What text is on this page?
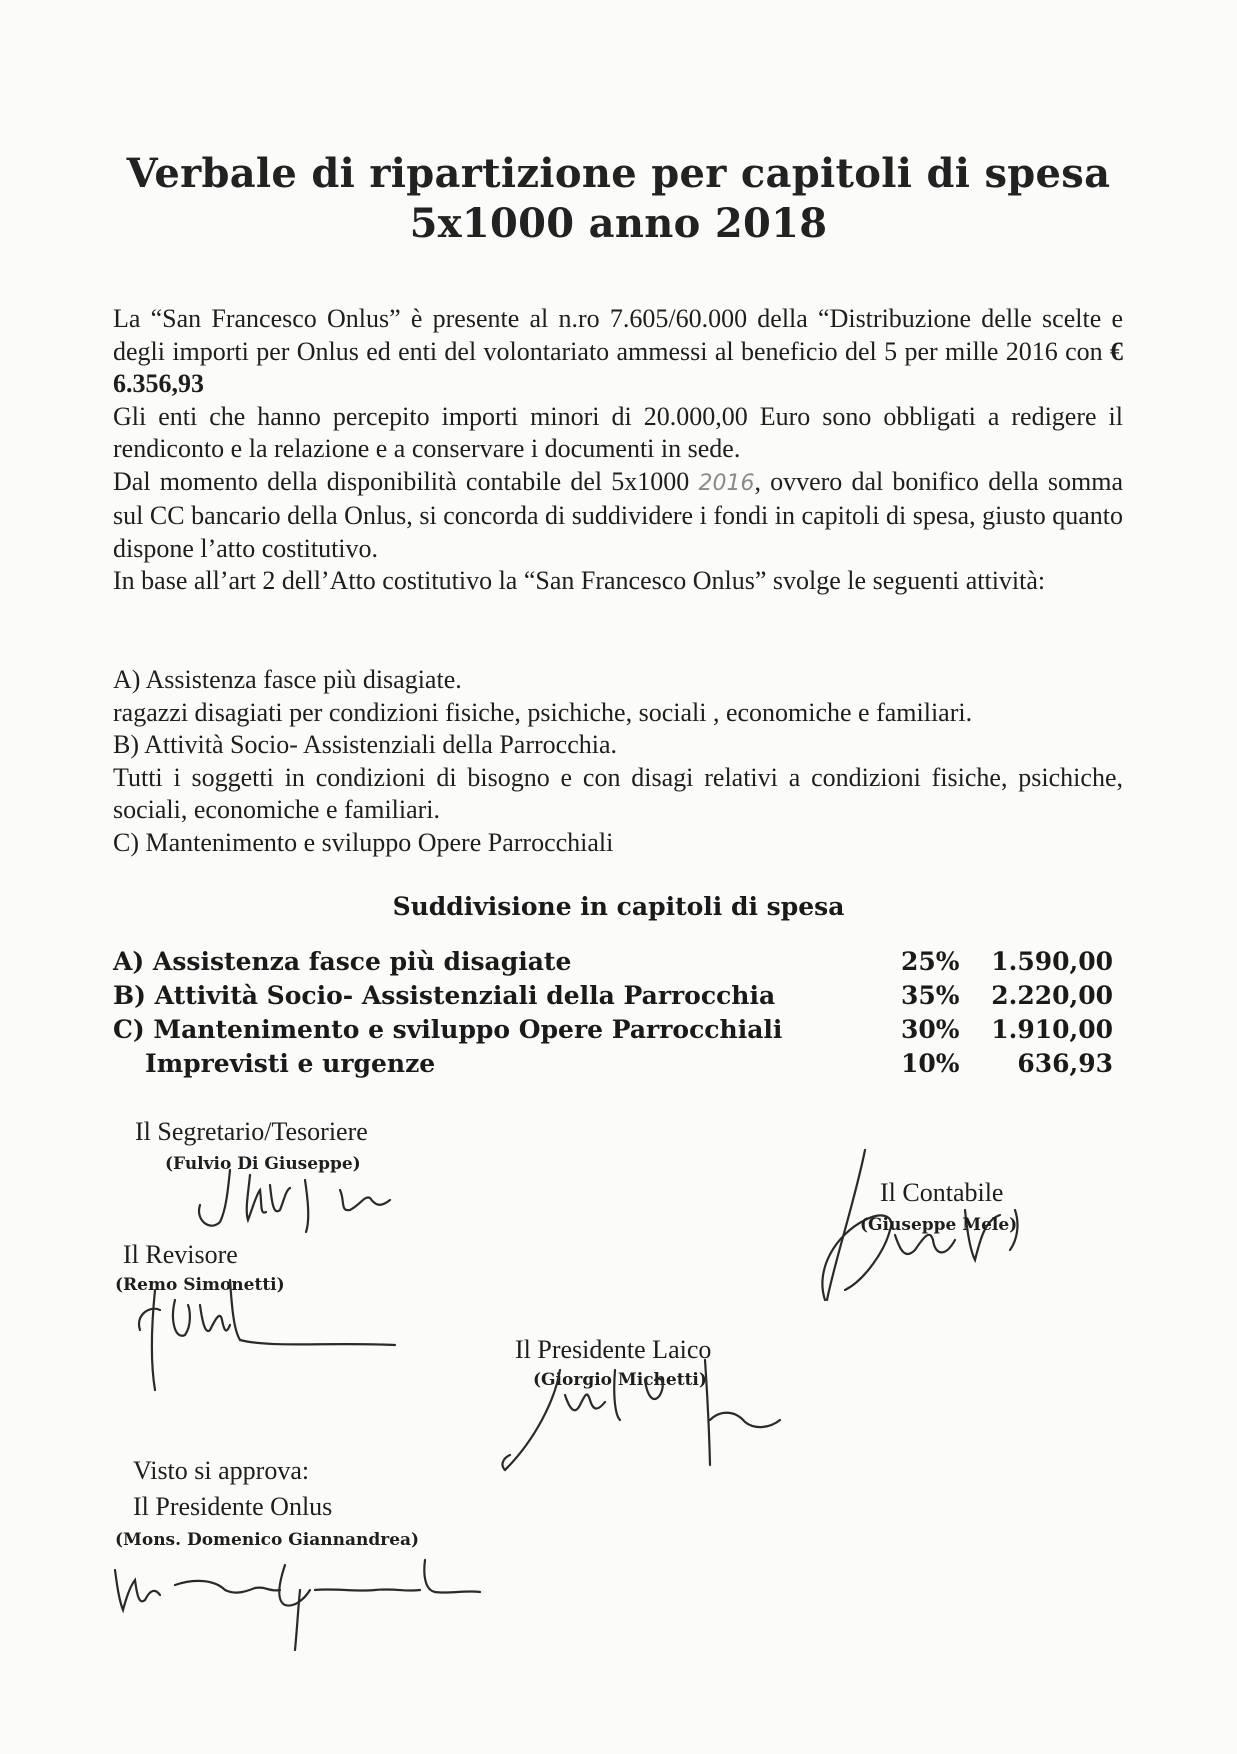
Verbale di ripartizione per capitoli di spesa
5x1000 anno 2018

La “San Francesco Onlus” è presente al n.ro 7.605/60.000 della “Distribuzione delle scelte e degli importi per Onlus ed enti del volontariato ammessi al beneficio del 5 per mille 2016 con € 6.356,93

Gli enti che hanno percepito importi minori di 20.000,00 Euro sono obbligati a redigere il rendiconto e la relazione e a conservare i documenti in sede.

Dal momento della disponibilità contabile del 5x1000 2016, ovvero dal bonifico della somma sul CC bancario della Onlus, si concorda di suddividere i fondi in capitoli di spesa, giusto quanto dispone l’atto costitutivo.

In base all’art 2 dell’Atto costitutivo la “San Francesco Onlus” svolge le seguenti attività:

A) Assistenza fasce più disagiate.

ragazzi disagiati per condizioni fisiche, psichiche, sociali , economiche e familiari.

B) Attività Socio- Assistenziali della Parrocchia.

Tutti i soggetti in condizioni di bisogno e con disagi relativi a condizioni fisiche, psichiche, sociali, economiche e familiari.

C) Mantenimento e sviluppo Opere Parrocchiali

Suddivisione in capitoli di spesa
A) Assistenza fasce più disagiate	25%	1.590,00
B) Attività Socio- Assistenziali della Parrocchia	35%	2.220,00
C) Mantenimento e sviluppo Opere Parrocchiali	30%	1.910,00
Imprevisti e urgenze	10%	636,93
Il Segretario/Tesoriere
(Fulvio Di Giuseppe)
Il Contabile
(Giuseppe Mele)
Il Revisore
(Remo Simonetti)
Il Presidente Laico
(Giorgio Michetti)
Visto si approva:
Il Presidente Onlus
(Mons. Domenico Giannandrea)
